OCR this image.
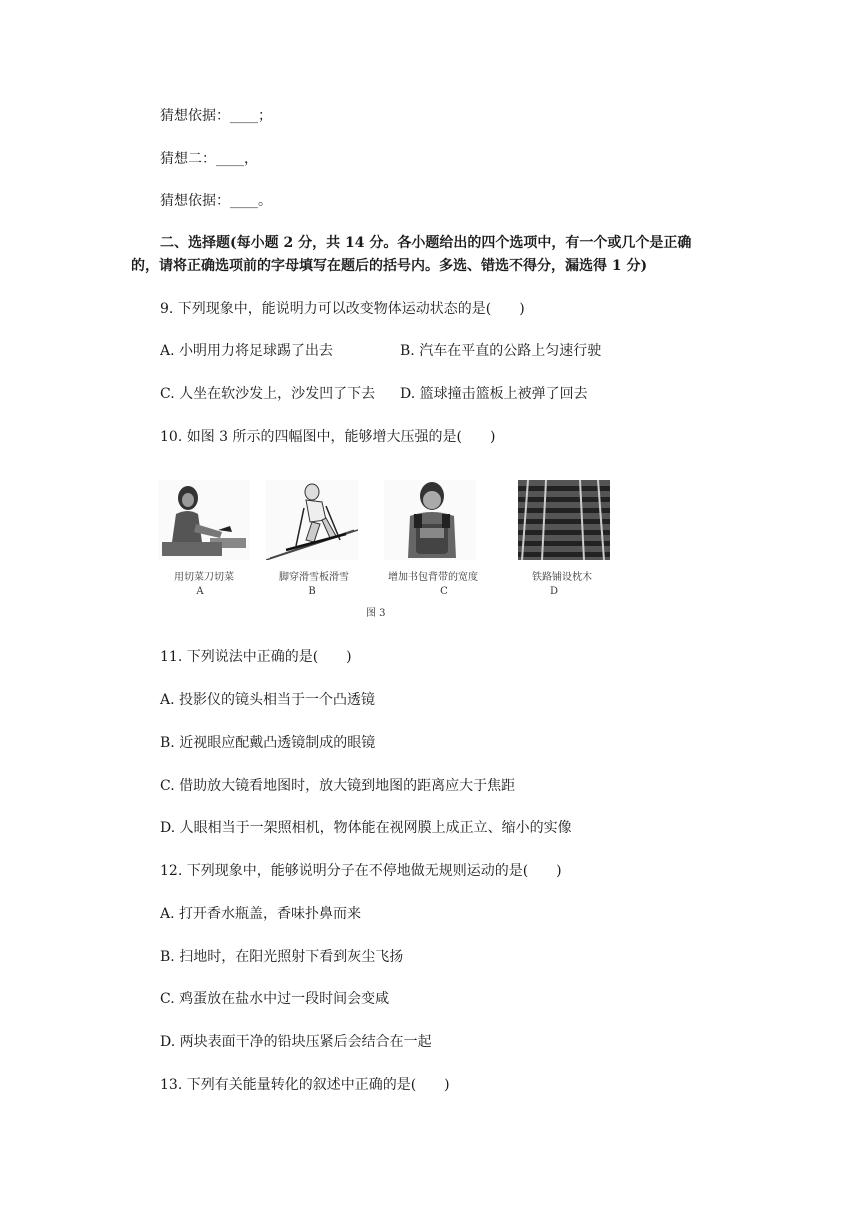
猜想依据：____；
猜想二：____，
猜想依据：____。
二、选择题(每小题 2 分，共 14 分。各小题给出的四个选项中，有一个或几个是正确
的，请将正确选项前的字母填写在题后的括号内。多选、错选不得分，漏选得 1 分)
9. 下列现象中，能说明力可以改变物体运动状态的是(　　)
A. 小明用力将足球踢了出去	B. 汽车在平直的公路上匀速行驶
C. 人坐在软沙发上，沙发凹了下去 D. 篮球撞击篮板上被弹了回去
10. 如图 3 所示的四幅图中，能够增大压强的是(　　)
用切菜刀切菜	脚穿滑雪板滑雪	增加书包背带的宽度	铁路铺设枕木
A	B	C	D
图 3
11. 下列说法中正确的是(　　)
A. 投影仪的镜头相当于一个凸透镜
B. 近视眼应配戴凸透镜制成的眼镜
C. 借助放大镜看地图时，放大镜到地图的距离应大于焦距
D. 人眼相当于一架照相机，物体能在视网膜上成正立、缩小的实像
12. 下列现象中，能够说明分子在不停地做无规则运动的是(　　)
A. 打开香水瓶盖，香味扑鼻而来
B. 扫地时，在阳光照射下看到灰尘飞扬
C. 鸡蛋放在盐水中过一段时间会变咸
D. 两块表面干净的铅块压紧后会结合在一起
13. 下列有关能量转化的叙述中正确的是(　　)
